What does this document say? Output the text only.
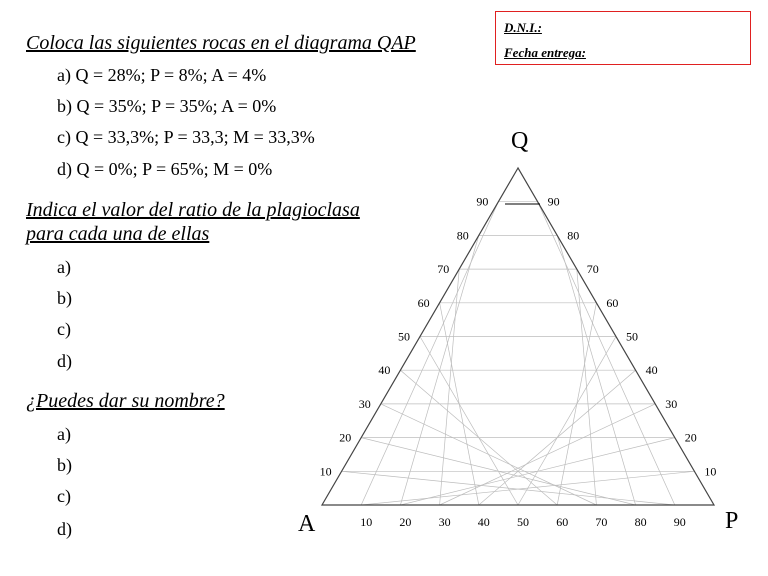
D.N.I.:
Fecha entrega:
Coloca las siguientes rocas en el diagrama QAP
a) Q = 28%; P = 8%; A = 4%
b) Q = 35%; P = 35%; A = 0%
c) Q = 33,3%; P = 33,3; M = 33,3%
d) Q = 0%; P = 65%; M = 0%
Indica el valor del ratio de la plagioclasa
para cada una de ellas
a)
b)
c)
d)
¿Puedes dar su nombre?
a)
b)
c)
d)
10
20
30
40
50
60
70
80
90
10
20
30
40
50
60
70
80
90
10 20 30 40 50 60 70 80 90
Q
A	P
